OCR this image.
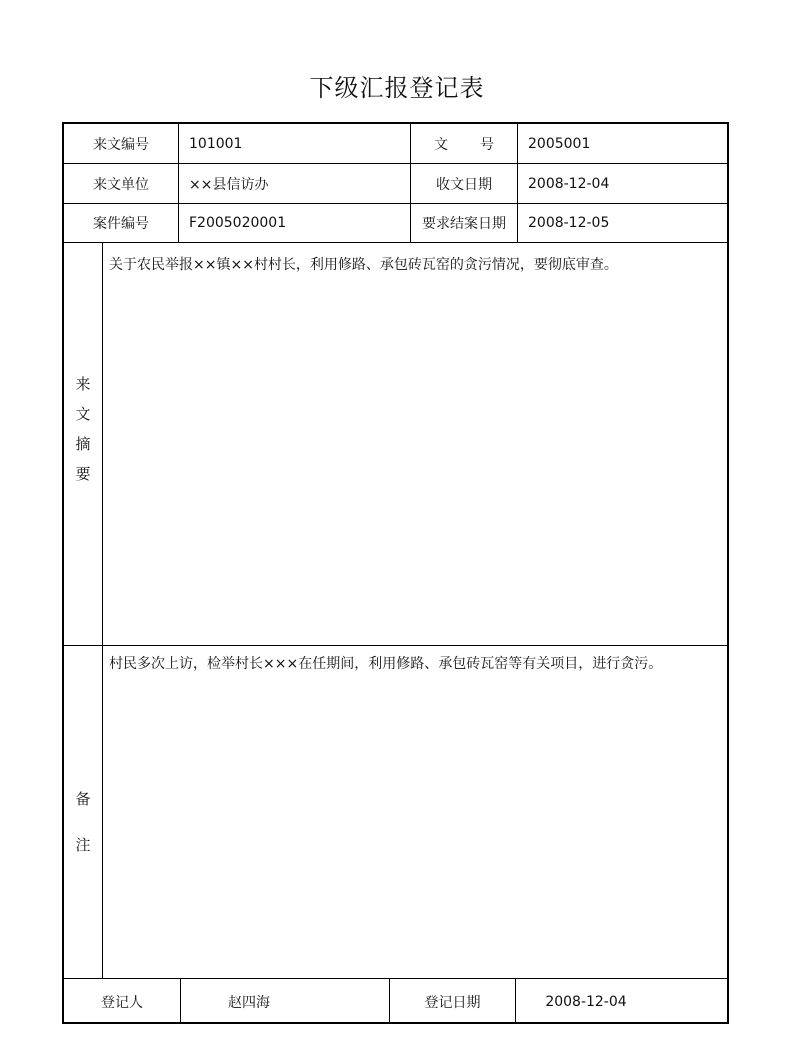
下级汇报登记表
来文编号	101001	文号 2005001
来文单位	××县信访办	收文日期	2008-12-04
案件编号	F2005020001	要求结案日期	2008-12-05
来
文
摘
要
关于农民举报××镇××村村长，利用修路、承包砖瓦窑的贪污情况，要彻底审查。
备
注
村民多次上访，检举村长×××在任期间，利用修路、承包砖瓦窑等有关项目，进行贪污。
登记人	赵四海	登记日期	2008-12-04
